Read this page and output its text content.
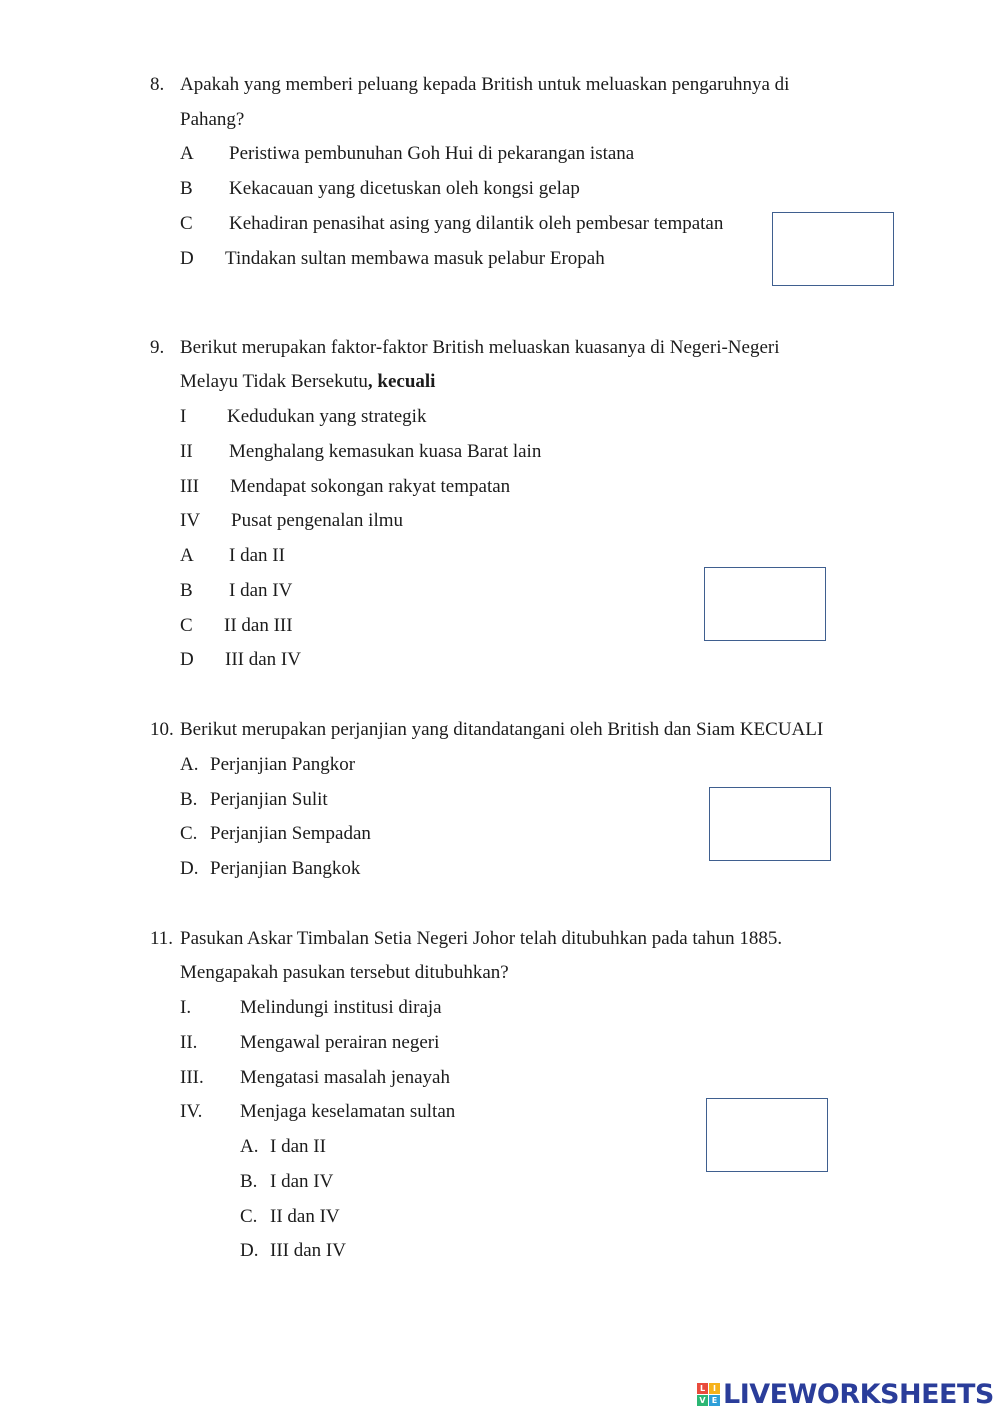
8. Apakah yang memberi peluang kepada British untuk meluaskan pengaruhnya di
Pahang?
A Peristiwa pembunuhan Goh Hui di pekarangan istana
B Kekacauan yang dicetuskan oleh kongsi gelap
C Kehadiran penasihat asing yang dilantik oleh pembesar tempatan
D Tindakan sultan membawa masuk pelabur Eropah
9. Berikut merupakan faktor-faktor British meluaskan kuasanya di Negeri-Negeri
Melayu Tidak Bersekutu, kecuali
I Kedudukan yang strategik
II Menghalang kemasukan kuasa Barat lain
III Mendapat sokongan rakyat tempatan
IV Pusat pengenalan ilmu
A I dan II
B I dan IV
C II dan III
D III dan IV
10. Berikut merupakan perjanjian yang ditandatangani oleh British dan Siam KECUALI
A. Perjanjian Pangkor
B. Perjanjian Sulit
C. Perjanjian Sempadan
D. Perjanjian Bangkok
11. Pasukan Askar Timbalan Setia Negeri Johor telah ditubuhkan pada tahun 1885.
Mengapakah pasukan tersebut ditubuhkan?
I.	Melindungi institusi diraja
II. Mengawal perairan negeri
III. Mengatasi masalah jenayah
IV. Menjaga keselamatan sultan
A. I dan II
B. I dan IV
C. II dan IV
D. III dan IV
L I
V E LIVEWORKSHEETS
